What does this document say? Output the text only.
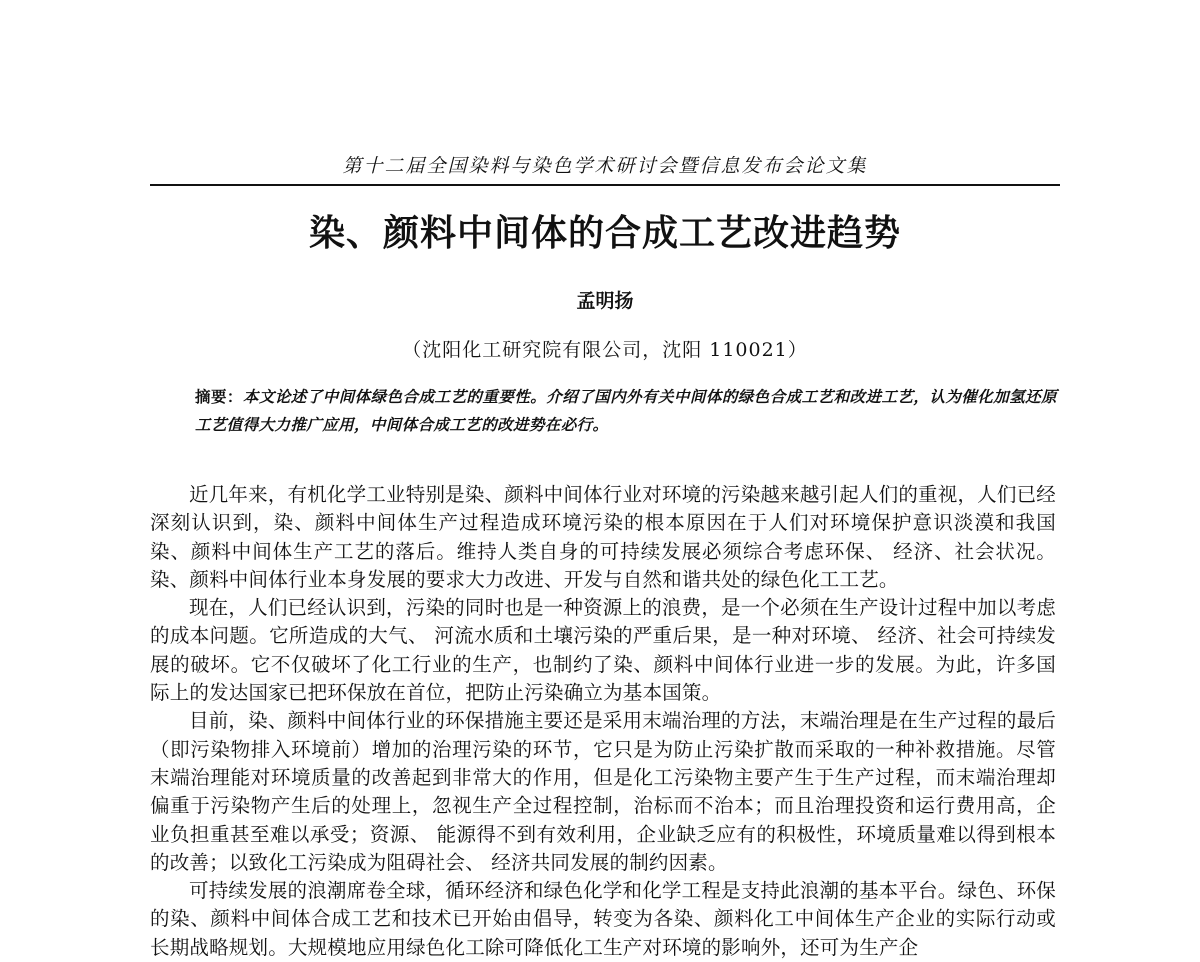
第十二届全国染料与染色学术研讨会暨信息发布会论文集
染、颜料中间体的合成工艺改进趋势
孟明扬
（沈阳化工研究院有限公司，沈阳 110021）
摘要：本文论述了中间体绿色合成工艺的重要性。介绍了国内外有关中间体的绿色合成工艺和改进工艺，认为催化加氢还原工艺值得大力推广应用，中间体合成工艺的改进势在必行。

近几年来，有机化学工业特别是染、颜料中间体行业对环境的污染越来越引起人们的重视，人们已经深刻认识到，染、颜料中间体生产过程造成环境污染的根本原因在于人们对环境保护意识淡漠和我国染、颜料中间体生产工艺的落后。维持人类自身的可持续发展必须综合考虑环保、 经济、社会状况。染、颜料中间体行业本身发展的要求大力改进、开发与自然和谐共处的绿色化工工艺。

现在，人们已经认识到，污染的同时也是一种资源上的浪费，是一个必须在生产设计过程中加以考虑的成本问题。它所造成的大气、 河流水质和土壤污染的严重后果，是一种对环境、 经济、社会可持续发展的破坏。它不仅破坏了化工行业的生产，也制约了染、颜料中间体行业进一步的发展。为此，许多国际上的发达国家已把环保放在首位，把防止污染确立为基本国策。

目前，染、颜料中间体行业的环保措施主要还是采用末端治理的方法，末端治理是在生产过程的最后（即污染物排入环境前）增加的治理污染的环节，它只是为防止污染扩散而采取的一种补救措施。尽管末端治理能对环境质量的改善起到非常大的作用，但是化工污染物主要产生于生产过程，而末端治理却偏重于污染物产生后的处理上，忽视生产全过程控制，治标而不治本；而且治理投资和运行费用高，企业负担重甚至难以承受；资源、 能源得不到有效利用，企业缺乏应有的积极性，环境质量难以得到根本的改善；以致化工污染成为阻碍社会、 经济共同发展的制约因素。

可持续发展的浪潮席卷全球，循环经济和绿色化学和化学工程是支持此浪潮的基本平台。绿色、环保的染、颜料中间体合成工艺和技术已开始由倡导，转变为各染、颜料化工中间体生产企业的实际行动或长期战略规划。大规模地应用绿色化工除可降低化工生产对环境的影响外，还可为生产企
